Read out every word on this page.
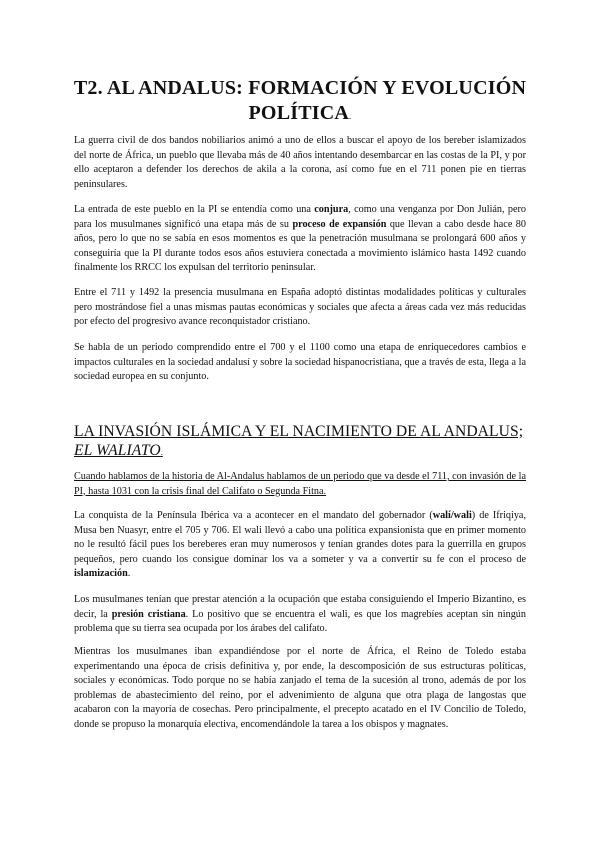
T2. AL ANDALUS: FORMACIÓN Y EVOLUCIÓN
POLÍTICA.

La guerra civil de dos bandos nobiliarios animó a uno de ellos a buscar el apoyo de los bereber islamizados del norte de África, un pueblo que llevaba más de 40 años intentando desembarcar en las costas de la PI, y por ello aceptaron a defender los derechos de akila a la corona, así como fue en el 711 ponen pie en tierras peninsulares.

La entrada de este pueblo en la PI se entendía como una conjura, como una venganza por Don Julián, pero para los musulmanes significó una etapa más de su proceso de expansión que llevan a cabo desde hace 80 años, pero lo que no se sabía en esos momentos es que la penetración musulmana se prolongará 600 años y conseguiría que la PI durante todos esos años estuviera conectada a movimiento islámico hasta 1492 cuando finalmente los RRCC los expulsan del territorio peninsular.

Entre el 711 y 1492 la presencia musulmana en España adoptó distintas modalidades políticas y culturales pero mostrándose fiel a unas mismas pautas económicas y sociales que afecta a áreas cada vez más reducidas por efecto del progresivo avance reconquistador cristiano.

Se habla de un periodo comprendido entre el 700 y el 1100 como una etapa de enriquecedores cambios e impactos culturales en la sociedad andalusí y sobre la sociedad hispanocristiana, que a través de esta, llega a la sociedad europea en su conjunto.

LA INVASIÓN ISLÁMICA Y EL NACIMIENTO DE AL ANDALUS;
EL WALIATO.

Cuando hablamos de la historia de Al-Andalus hablamos de un periodo que va desde el 711, con invasión de la PI, hasta 1031 con la crisis final del Califato o Segunda Fitna.

La conquista de la Península Ibérica va a acontecer en el mandato del gobernador (walí/wali) de Ifriqiya, Musa ben Nuasyr, entre el 705 y 706. El wali llevó a cabo una política expansionista que en primer momento no le resultó fácil pues los bereberes eran muy numerosos y tenían grandes dotes para la guerrilla en grupos pequeños, pero cuando los consigue dominar los va a someter y va a convertir su fe con el proceso de islamización.

Los musulmanes tenían que prestar atención a la ocupación que estaba consiguiendo el Imperio Bizantino, es decir, la presión cristiana. Lo positivo que se encuentra el wali, es que los magrebíes aceptan sin ningún problema que su tierra sea ocupada por los árabes del califato.

Mientras los musulmanes iban expandiéndose por el norte de África, el Reino de Toledo estaba experimentando una época de crisis definitiva y, por ende, la descomposición de sus estructuras políticas, sociales y económicas. Todo porque no se había zanjado el tema de la sucesión al trono, además de por los problemas de abastecimiento del reino, por el advenimiento de alguna que otra plaga de langostas que acabaron con la mayoría de cosechas. Pero principalmente, el precepto acatado en el IV Concilio de Toledo, donde se propuso la monarquía electiva, encomendándole la tarea a los obispos y magnates.
